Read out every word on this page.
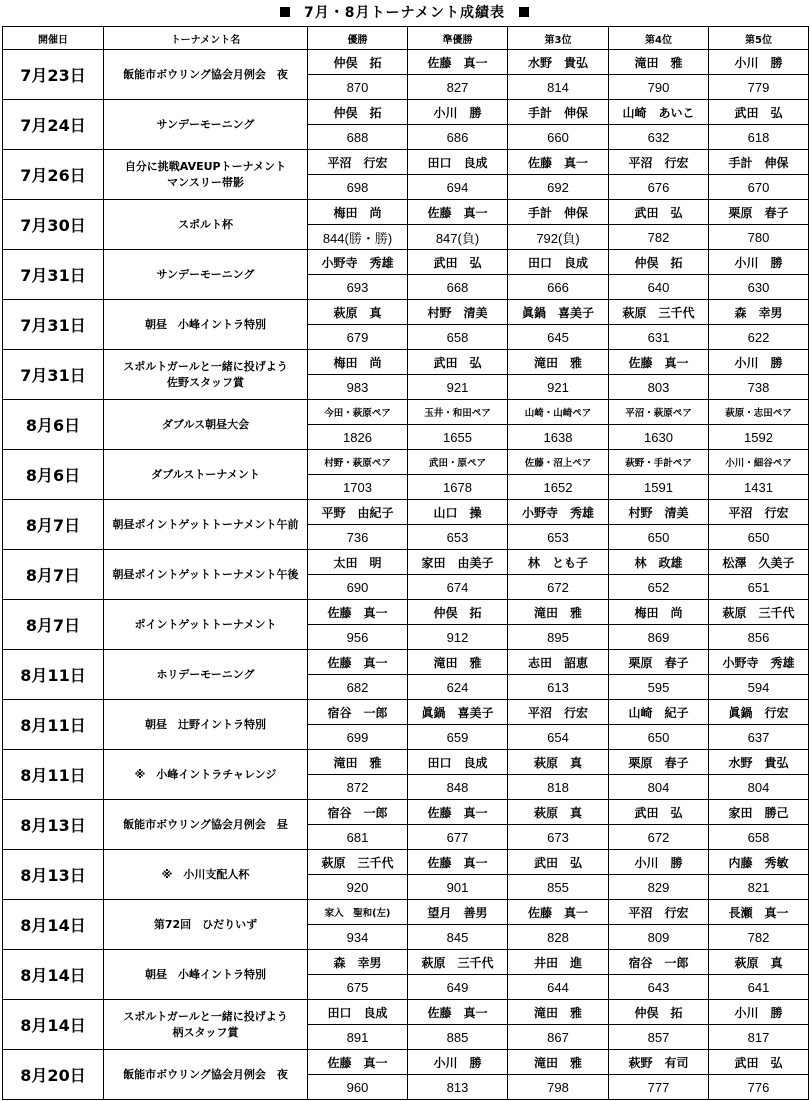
7月・8月トーナメント成績表
開催日	トーナメント名	優勝	準優勝	第3位	第4位	第5位
7月23日	飯能市ボウリング協会月例会　夜	仲俣　拓	佐藤　真一	水野　貴弘	滝田　雅	小川　勝
		870	827	814	790	779
7月24日	サンデーモーニング	仲俣　拓	小川　勝	手計　伸保	山崎　あいこ	武田　弘
		688	686	660	632	618
7月26日	自分に挑戦AVEUPトーナメント
マンスリー帯影	平沼　行宏	田口　良成	佐藤　真一	平沼　行宏	手計　伸保
		698	694	692	676	670
7月30日	スポルト杯	梅田　尚	佐藤　真一	手計　伸保	武田　弘	栗原　春子
		844(勝・勝)	847(負)	792(負)	782	780
7月31日	サンデーモーニング	小野寺　秀雄	武田　弘	田口　良成	仲俣　拓	小川　勝
		693	668	666	640	630
7月31日	朝昼　小峰イントラ特別	萩原　真	村野　清美	眞鍋　喜美子	萩原　三千代	森　幸男
		679	658	645	631	622
7月31日	スポルトガールと一緒に投げよう
佐野スタッフ賞	梅田　尚	武田　弘	滝田　雅	佐藤　真一	小川　勝
		983	921	921	803	738
8月6日	ダブルス朝昼大会	今田・萩原ペア	玉井・和田ペア	山崎・山崎ペア	平沼・萩原ペア	萩原・志田ペア
		1826	1655	1638	1630	1592
8月6日	ダブルストーナメント	村野・萩原ペア	武田・原ペア	佐藤・沼上ペア	萩野・手計ペア	小川・細谷ペア
		1703	1678	1652	1591	1431
8月7日	朝昼ポイントゲットトーナメント午前	平野　由紀子	山口　操	小野寺　秀雄	村野　清美	平沼　行宏
		736	653	653	650	650
8月7日	朝昼ポイントゲットトーナメント午後	太田　明	家田　由美子	林　とも子	林　政雄	松澤　久美子
		690	674	672	652	651
8月7日	ポイントゲットトーナメント	佐藤　真一	仲俣　拓	滝田　雅	梅田　尚	萩原　三千代
		956	912	895	869	856
8月11日	ホリデーモーニング	佐藤　真一	滝田　雅	志田　詔恵	栗原　春子	小野寺　秀雄
		682	624	613	595	594
8月11日	朝昼　辻野イントラ特別	宿谷　一郎	眞鍋　喜美子	平沼　行宏	山崎　紀子	眞鍋　行宏
		699	659	654	650	637
8月11日	※　小峰イントラチャレンジ	滝田　雅	田口　良成	萩原　真	栗原　春子	水野　貴弘
		872	848	818	804	804
8月13日	飯能市ボウリング協会月例会　昼	宿谷　一郎	佐藤　真一	萩原　真	武田　弘	家田　勝己
		681	677	673	672	658
8月13日	※　小川支配人杯	萩原　三千代	佐藤　真一	武田　弘	小川　勝	内藤　秀敏
		920	901	855	829	821
8月14日	第72回　ひだりいず	家入　聖和(左)	望月　善男	佐藤　真一	平沼　行宏	長瀬　真一
		934	845	828	809	782
8月14日	朝昼　小峰イントラ特別	森　幸男	萩原　三千代	井田　進	宿谷　一郎	萩原　真
		675	649	644	643	641
8月14日	スポルトガールと一緒に投げよう
柄スタッフ賞	田口　良成	佐藤　真一	滝田　雅	仲俣　拓	小川　勝
		891	885	867	857	817
8月20日	飯能市ボウリング協会月例会　夜	佐藤　真一	小川　勝	滝田　雅	萩野　有司	武田　弘
		960	813	798	777	776
